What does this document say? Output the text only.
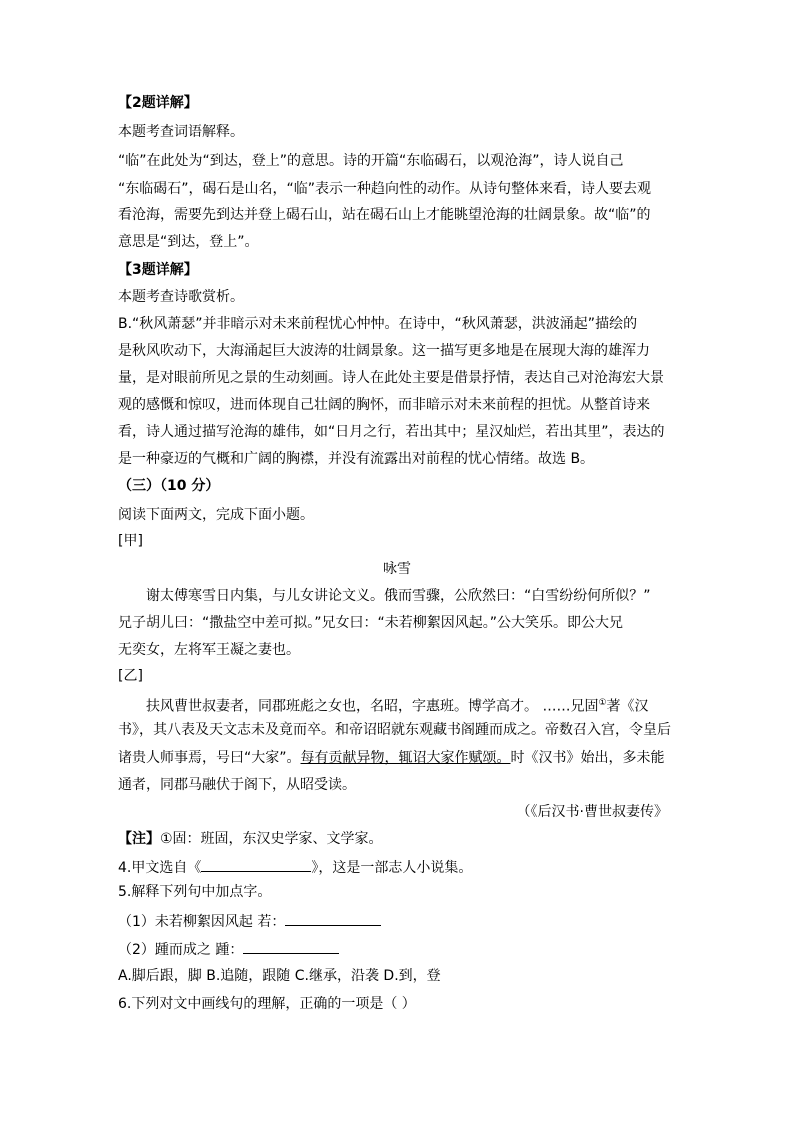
【2题详解】
本题考查词语解释。
“临”在此处为“到达，登上”的意思。诗的开篇“东临碣石，以观沧海”，诗人说自己
“东临碣石”，碣石是山名，“临”表示一种趋向性的动作。从诗句整体来看，诗人要去观
看沧海，需要先到达并登上碣石山，站在碣石山上才能眺望沧海的壮阔景象。故“临”的
意思是“到达，登上”。
【3题详解】
本题考查诗歌赏析。
B.“秋风萧瑟”并非暗示对未来前程忧心忡忡。在诗中，“秋风萧瑟，洪波涌起”描绘的
是秋风吹动下，大海涌起巨大波涛的壮阔景象。这一描写更多地是在展现大海的雄浑力
量，是对眼前所见之景的生动刻画。诗人在此处主要是借景抒情，表达自己对沧海宏大景
观的感慨和惊叹，进而体现自己壮阔的胸怀，而非暗示对未来前程的担忧。从整首诗来
看，诗人通过描写沧海的雄伟，如“日月之行，若出其中；星汉灿烂，若出其里”，表达的
是一种豪迈的气概和广阔的胸襟，并没有流露出对前程的忧心情绪。故选 B。
（三）（10 分）
阅读下面两文，完成下面小题。
[甲]
咏雪
谢太傅寒雪日内集，与儿女讲论文义。俄而雪骤，公欣然曰：“白雪纷纷何所似？”
兄子胡儿曰：“撒盐空中差可拟。”兄女曰：“未若柳絮因风起。”公大笑乐。即公大兄
无奕女，左将军王凝之妻也。
[乙]
扶风曹世叔妻者，同郡班彪之女也，名昭，字惠班。博学高才。 ……兄固①著《汉
书》，其八表及天文志未及竟而卒。和帝诏昭就东观藏书阁踵而成之。帝数召入宫，令皇后
诸贵人师事焉，号曰“大家”。每有贡献异物，辄诏大家作赋颂。时《汉书》始出，多未能
通者，同郡马融伏于阁下，从昭受读。
（《后汉书·曹世叔妻传》
【注】①固：班固，东汉史学家、文学家。
4.甲文选自《	》，这是一部志人小说集。
5.解释下列句中加点字。
（1）未若柳絮因风起 若：
（2）踵而成之 踵：
A.脚后跟，脚 B.追随，跟随 C.继承，沿袭 D.到，登
6.下列对文中画线句的理解，正确的一项是（ ）
